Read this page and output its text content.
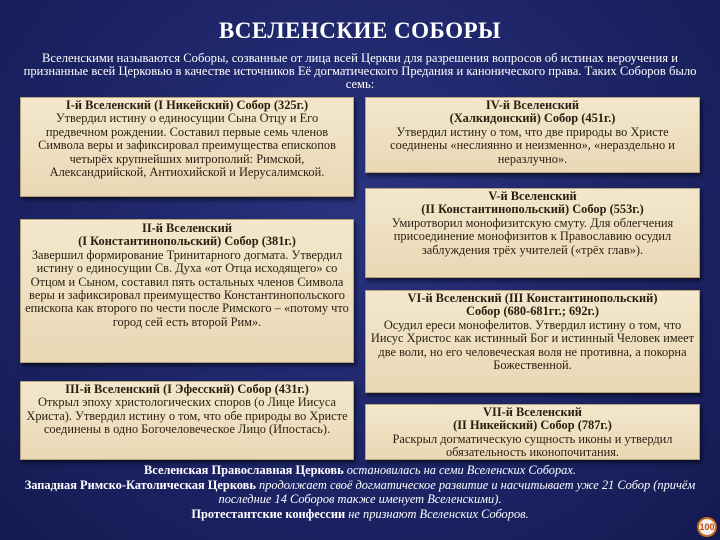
ВСЕЛЕНСКИЕ СОБОРЫ
Вселенскими называются Соборы, созванные от лица всей Церкви для разрешения вопросов об истинах вероучения и признанные всей Церковью в качестве источников Её догматического Предания и канонического права. Таких Соборов было семь:
I-й Вселенский (I Никейский) Собор (325г.)
Утвердил истину о единосущии Сына Отцу и Его предвечном рождении. Составил первые семь членов Символа веры и зафиксировал преимущества епископов четырёх крупнейших митрополий: Римской, Александрийской, Антиохийской и Иерусалимской.
II-й Вселенский
(I Константинопольский) Собор (381г.)
Завершил формирование Тринитарного догмата. Утвердил истину о единосущии Св. Духа «от Отца исходящего» со Отцом и Сыном, составил пять остальных членов Символа веры и зафиксировал преимущество Константинопольского епископа как второго по чести после Римского – «потому что город сей есть второй Рим».
III-й Вселенский (I Эфесский) Собор (431г.)
Открыл эпоху христологических споров (о Лице Иисуса Христа). Утвердил истину о том, что обе природы во Христе соединены в одно Богочеловеческое Лицо (Ипостась).
IV-й Вселенский
(Халкидонский) Собор (451г.)
Утвердил истину о том, что две природы во Христе соединены «неслиянно и неизменно», «нераздельно и неразлучно».
V-й Вселенский
(II Константинопольский) Собор (553г.)
Умиротворил монофизитскую смуту. Для облегчения присоединение монофизитов к Православию осудил заблуждения трёх учителей («трёх глав»).
VI-й Вселенский (III Константинопольский)
Собор (680-681гг.; 692г.)
Осудил ереси монофелитов. Утвердил истину о том, что Иисус Христос как истинный Бог и истинный Человек имеет две воли, но его человеческая воля не противна, а покорна Божественной.
VII-й Вселенский
(II Никейский) Собор (787г.)
Раскрыл догматическую сущность иконы и утвердил обязательность иконопочитания.
Вселенская Православная Церковь остановилась на семи Вселенских Соборах.
Западная Римско-Католическая Церковь продолжает своё догматическое развитие и насчитывает уже 21 Собор (причём последние 14 Соборов также именует Вселенскими).
Протестантские конфессии не признают Вселенских Соборов.
100
